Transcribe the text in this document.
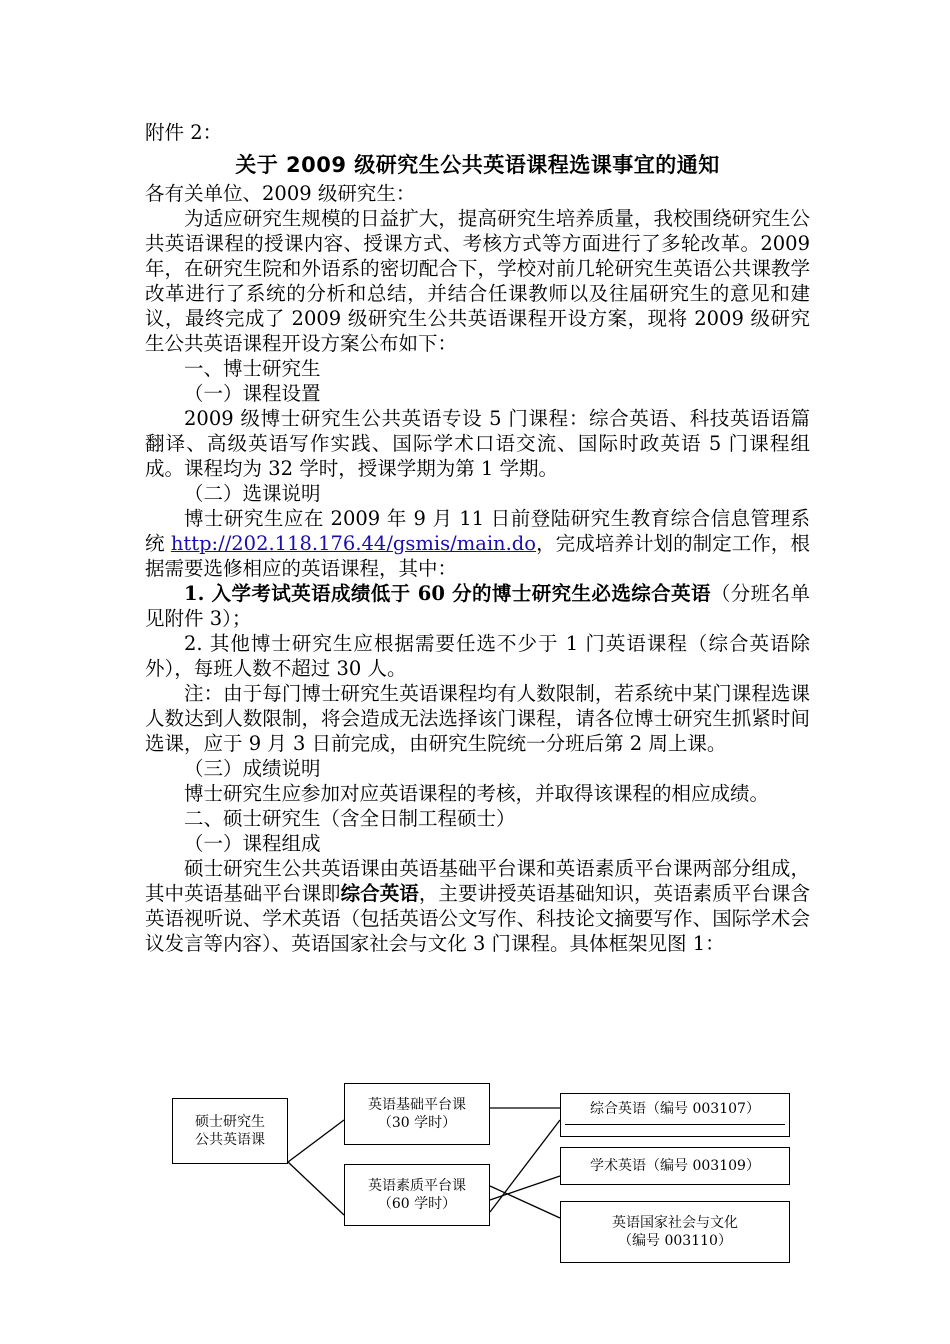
附件 2：

关于 2009 级研究生公共英语课程选课事宜的通知

各有关单位、2009 级研究生：

为适应研究生规模的日益扩大，提高研究生培养质量，我校围绕研究生公共英语课程的授课内容、授课方式、考核方式等方面进行了多轮改革。2009 年，在研究生院和外语系的密切配合下，学校对前几轮研究生英语公共课教学改革进行了系统的分析和总结，并结合任课教师以及往届研究生的意见和建议，最终完成了 2009 级研究生公共英语课程开设方案，现将 2009 级研究生公共英语课程开设方案公布如下：

一、博士研究生

（一）课程设置

2009 级博士研究生公共英语专设 5 门课程：综合英语、科技英语语篇翻译、高级英语写作实践、国际学术口语交流、国际时政英语 5 门课程组成。课程均为 32 学时，授课学期为第 1 学期。

（二）选课说明

博士研究生应在 2009 年 9 月 11 日前登陆研究生教育综合信息管理系统 http://202.118.176.44/gsmis/main.do，完成培养计划的制定工作，根据需要选修相应的英语课程，其中：

1. 入学考试英语成绩低于 60 分的博士研究生必选综合英语（分班名单见附件 3）；

2. 其他博士研究生应根据需要任选不少于 1 门英语课程（综合英语除外），每班人数不超过 30 人。

注：由于每门博士研究生英语课程均有人数限制，若系统中某门课程选课人数达到人数限制，将会造成无法选择该门课程，请各位博士研究生抓紧时间选课，应于 9 月 3 日前完成，由研究生院统一分班后第 2 周上课。

（三）成绩说明

博士研究生应参加对应英语课程的考核，并取得该课程的相应成绩。

二、硕士研究生（含全日制工程硕士）

（一）课程组成

硕士研究生公共英语课由英语基础平台课和英语素质平台课两部分组成，其中英语基础平台课即综合英语，主要讲授英语基础知识，英语素质平台课含英语视听说、学术英语（包括英语公文写作、科技论文摘要写作、国际学术会议发言等内容）、英语国家社会与文化 3 门课程。具体框架见图 1：

硕士研究生
公共英语课
英语基础平台课
（30 学时）
英语素质平台课
（60 学时）
综合英语（编号 003107）
学术英语（编号 003109）
英语国家社会与文化
（编号 003110）
